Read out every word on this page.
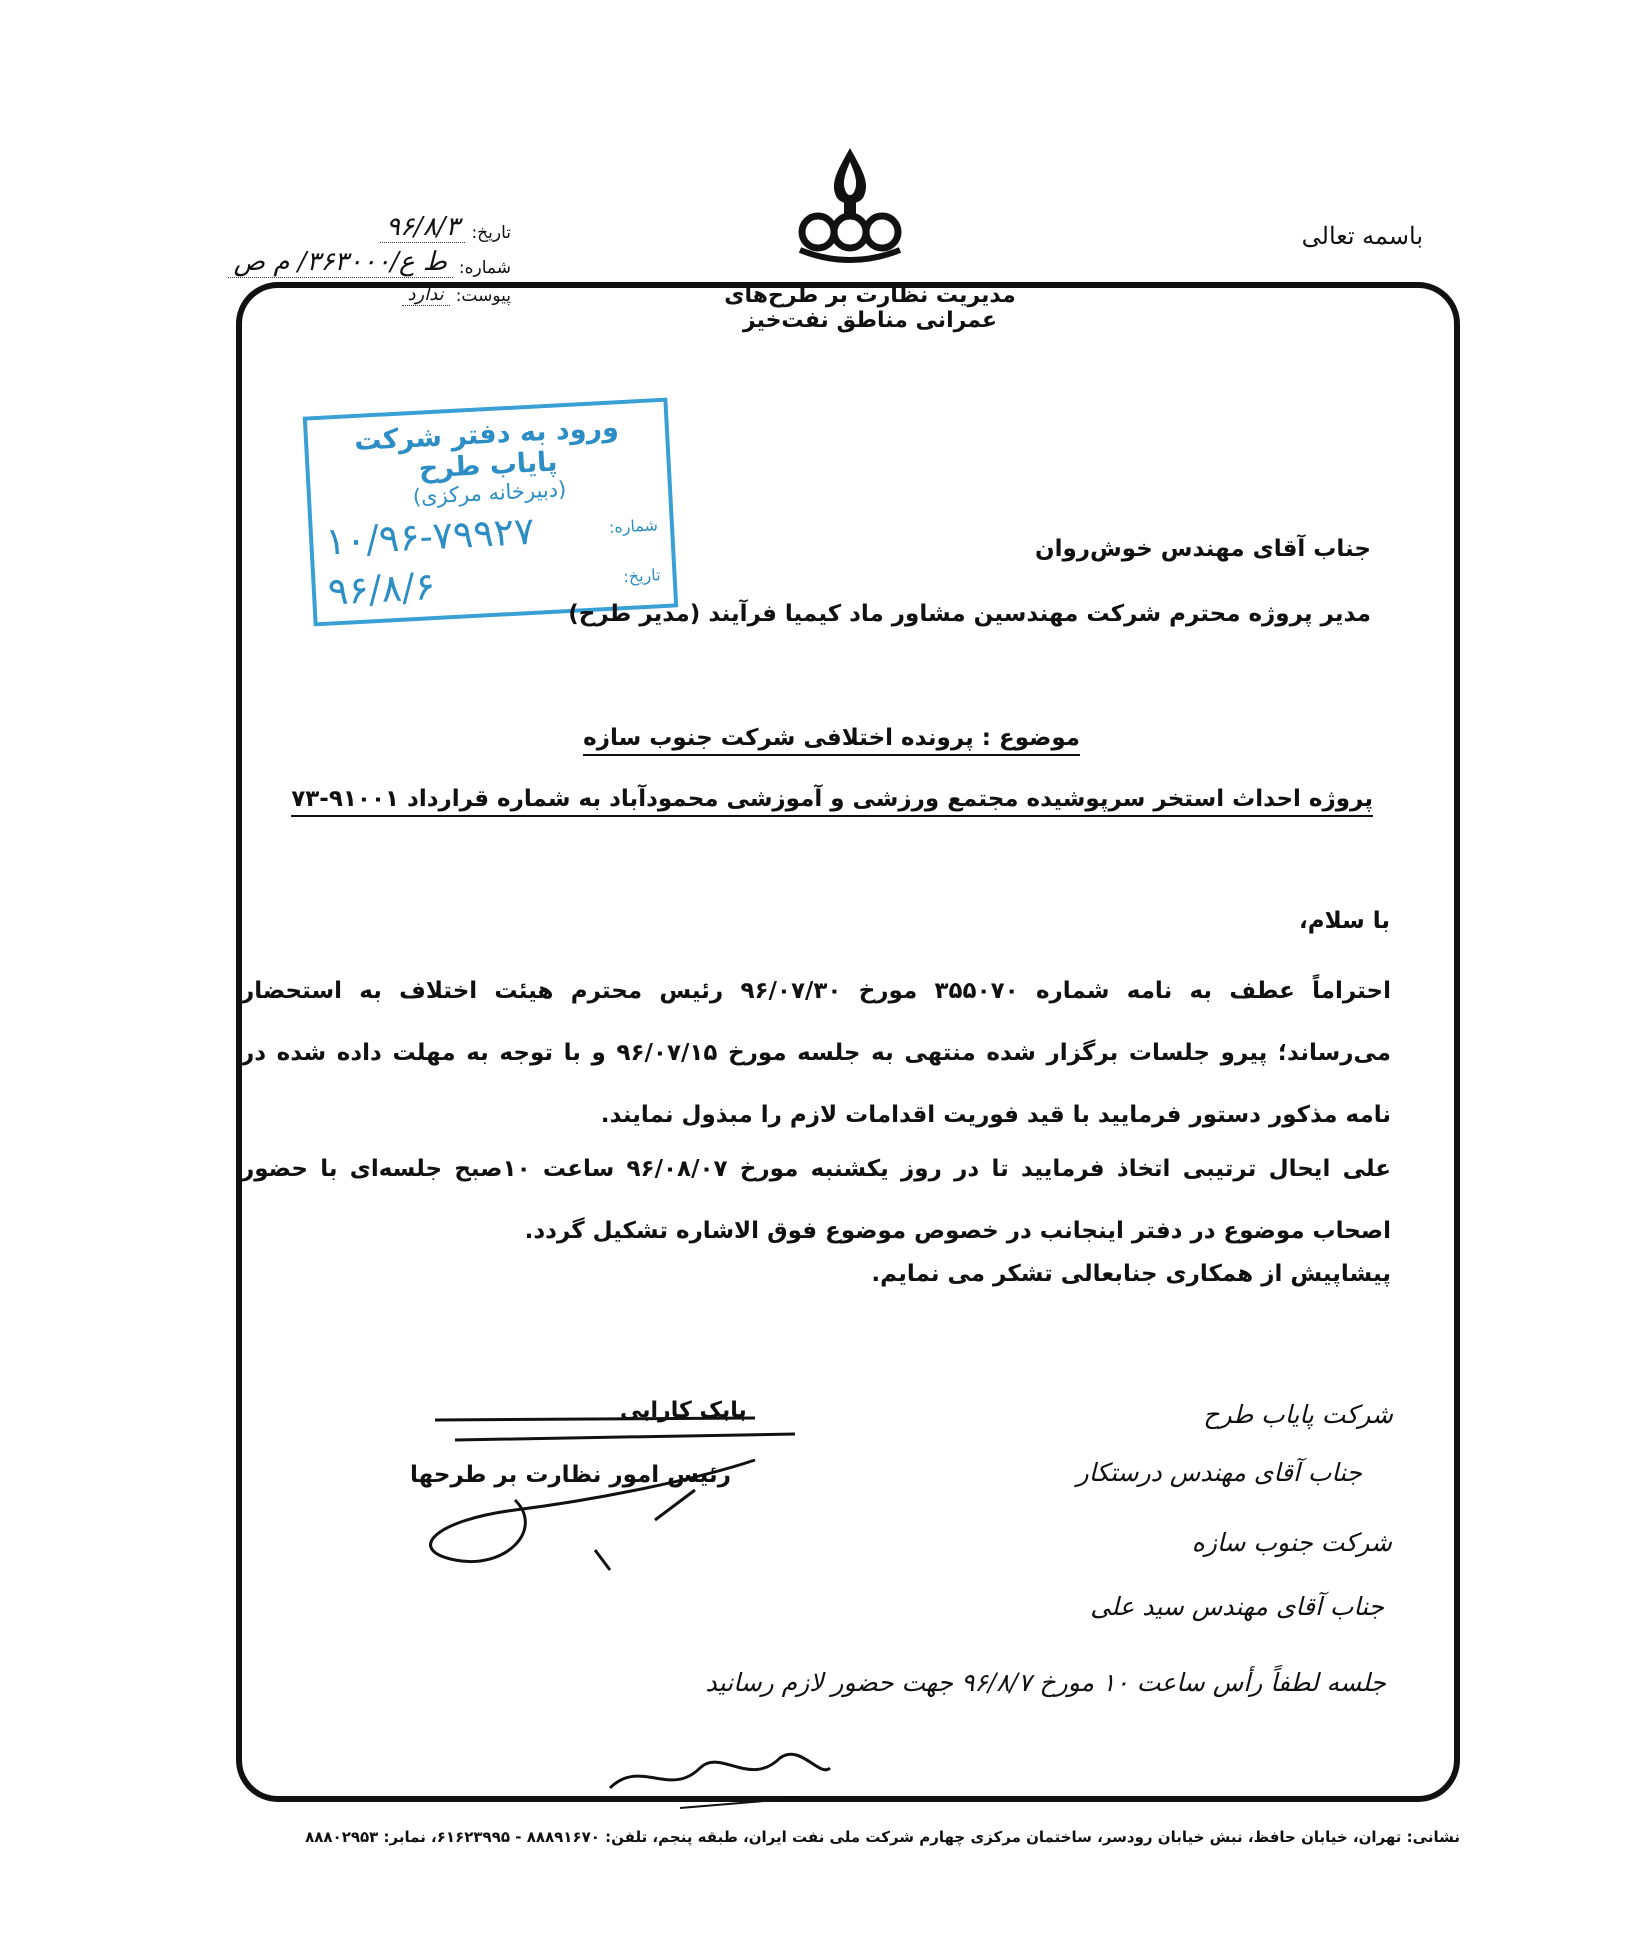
باسمه تعالی
مدیریت نظارت بر طرح‌های عمرانی مناطق نفت‌خیز
تاریخ:
۹۶/۸/۳
شماره:
ط ع/۳۶۳۰۰۰/ م ص
پیوست:
ندارد
ورود به دفتر شرکت پایاب طرح
(دبیرخانه مرکزی)
شماره:
۱۰/۹۶-۷۹۹۲۷
تاریخ:
۹۶/۸/۶
جناب آقای مهندس خوش‌روان
مدیر پروژه محترم شرکت مهندسین مشاور ماد کیمیا فرآیند (مدیر طرح)
موضوع : پرونده اختلافی شرکت جنوب سازه
پروژه احداث استخر سرپوشیده مجتمع ورزشی و آموزشی محمودآباد به شماره قرارداد ۹۱۰۰۱-۷۳
با سلام،
احتراماً عطف به نامه شماره ۳۵۵۰۷۰ مورخ ۹۶/۰۷/۳۰ رئیس محترم هیئت اختلاف به استحضار می‌رساند؛ پیرو جلسات برگزار شده منتهی به جلسه مورخ ۹۶/۰۷/۱۵ و با توجه به مهلت داده شده در نامه مذکور دستور فرمایید با قید فوریت اقدامات لازم را مبذول نمایند.
علی ایحال ترتیبی اتخاذ فرمایید تا در روز یکشنبه مورخ ۹۶/۰۸/۰۷ ساعت ۱۰صبح جلسه‌ای با حضور اصحاب موضوع در دفتر اینجانب در خصوص موضوع فوق الاشاره تشکیل گردد.
پیشاپیش از همکاری جنابعالی تشکر می نمایم.
بابک کارابی
رئیس امور نظارت بر طرحها
شرکت پایاب طرح
جناب آقای مهندس درستکار
شرکت جنوب سازه
جناب آقای مهندس سید علی
جلسه لطفاً رأس ساعت ۱۰ مورخ ۹۶/۸/۷ جهت حضور لازم رسانید
نشانی: تهران، خیابان حافظ، نبش خیابان رودسر، ساختمان مرکزی چهارم شرکت ملی نفت ایران، طبقه پنجم، تلفن: ۸۸۸۹۱۶۷۰ - ۶۱۶۲۳۹۹۵، نمابر: ۸۸۸۰۲۹۵۳
